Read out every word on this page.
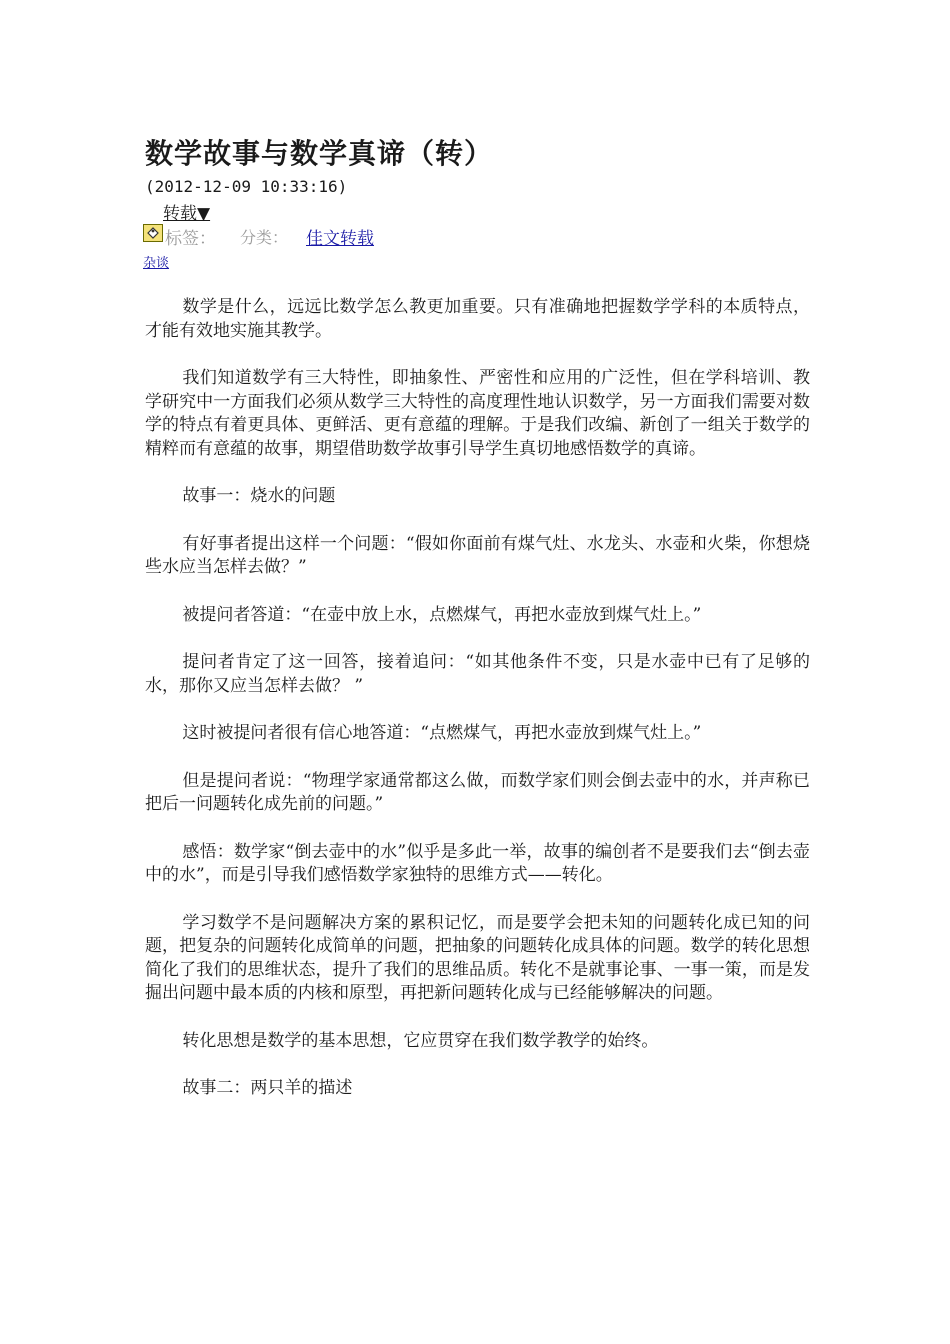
数学故事与数学真谛（转）
(2012-12-09 10:33:16)
转载▼
标签： 分类： 佳文转载
杂谈

数学是什么，远远比数学怎么教更加重要。只有准确地把握数学学科的本质特点，才能有效地实施其教学。

我们知道数学有三大特性，即抽象性、严密性和应用的广泛性，但在学科培训、教学研究中一方面我们必须从数学三大特性的高度理性地认识数学，另一方面我们需要对数学的特点有着更具体、更鲜活、更有意蕴的理解。于是我们改编、新创了一组关于数学的精粹而有意蕴的故事，期望借助数学故事引导学生真切地感悟数学的真谛。

故事一：烧水的问题

有好事者提出这样一个问题：“假如你面前有煤气灶、水龙头、水壶和火柴，你想烧些水应当怎样去做？”

被提问者答道：“在壶中放上水，点燃煤气，再把水壶放到煤气灶上。”

提问者肯定了这一回答，接着追问：“如其他条件不变，只是水壶中已有了足够的水，那你又应当怎样去做？ ”

这时被提问者很有信心地答道：“点燃煤气，再把水壶放到煤气灶上。”

但是提问者说：“物理学家通常都这么做，而数学家们则会倒去壶中的水，并声称已把后一问题转化成先前的问题。”

感悟：数学家“倒去壶中的水”似乎是多此一举，故事的编创者不是要我们去“倒去壶中的水”，而是引导我们感悟数学家独特的思维方式——转化。

学习数学不是问题解决方案的累积记忆，而是要学会把未知的问题转化成已知的问题，把复杂的问题转化成简单的问题，把抽象的问题转化成具体的问题。数学的转化思想简化了我们的思维状态，提升了我们的思维品质。转化不是就事论事、一事一策，而是发掘出问题中最本质的内核和原型，再把新问题转化成与已经能够解决的问题。

转化思想是数学的基本思想，它应贯穿在我们数学教学的始终。

故事二：两只羊的描述
